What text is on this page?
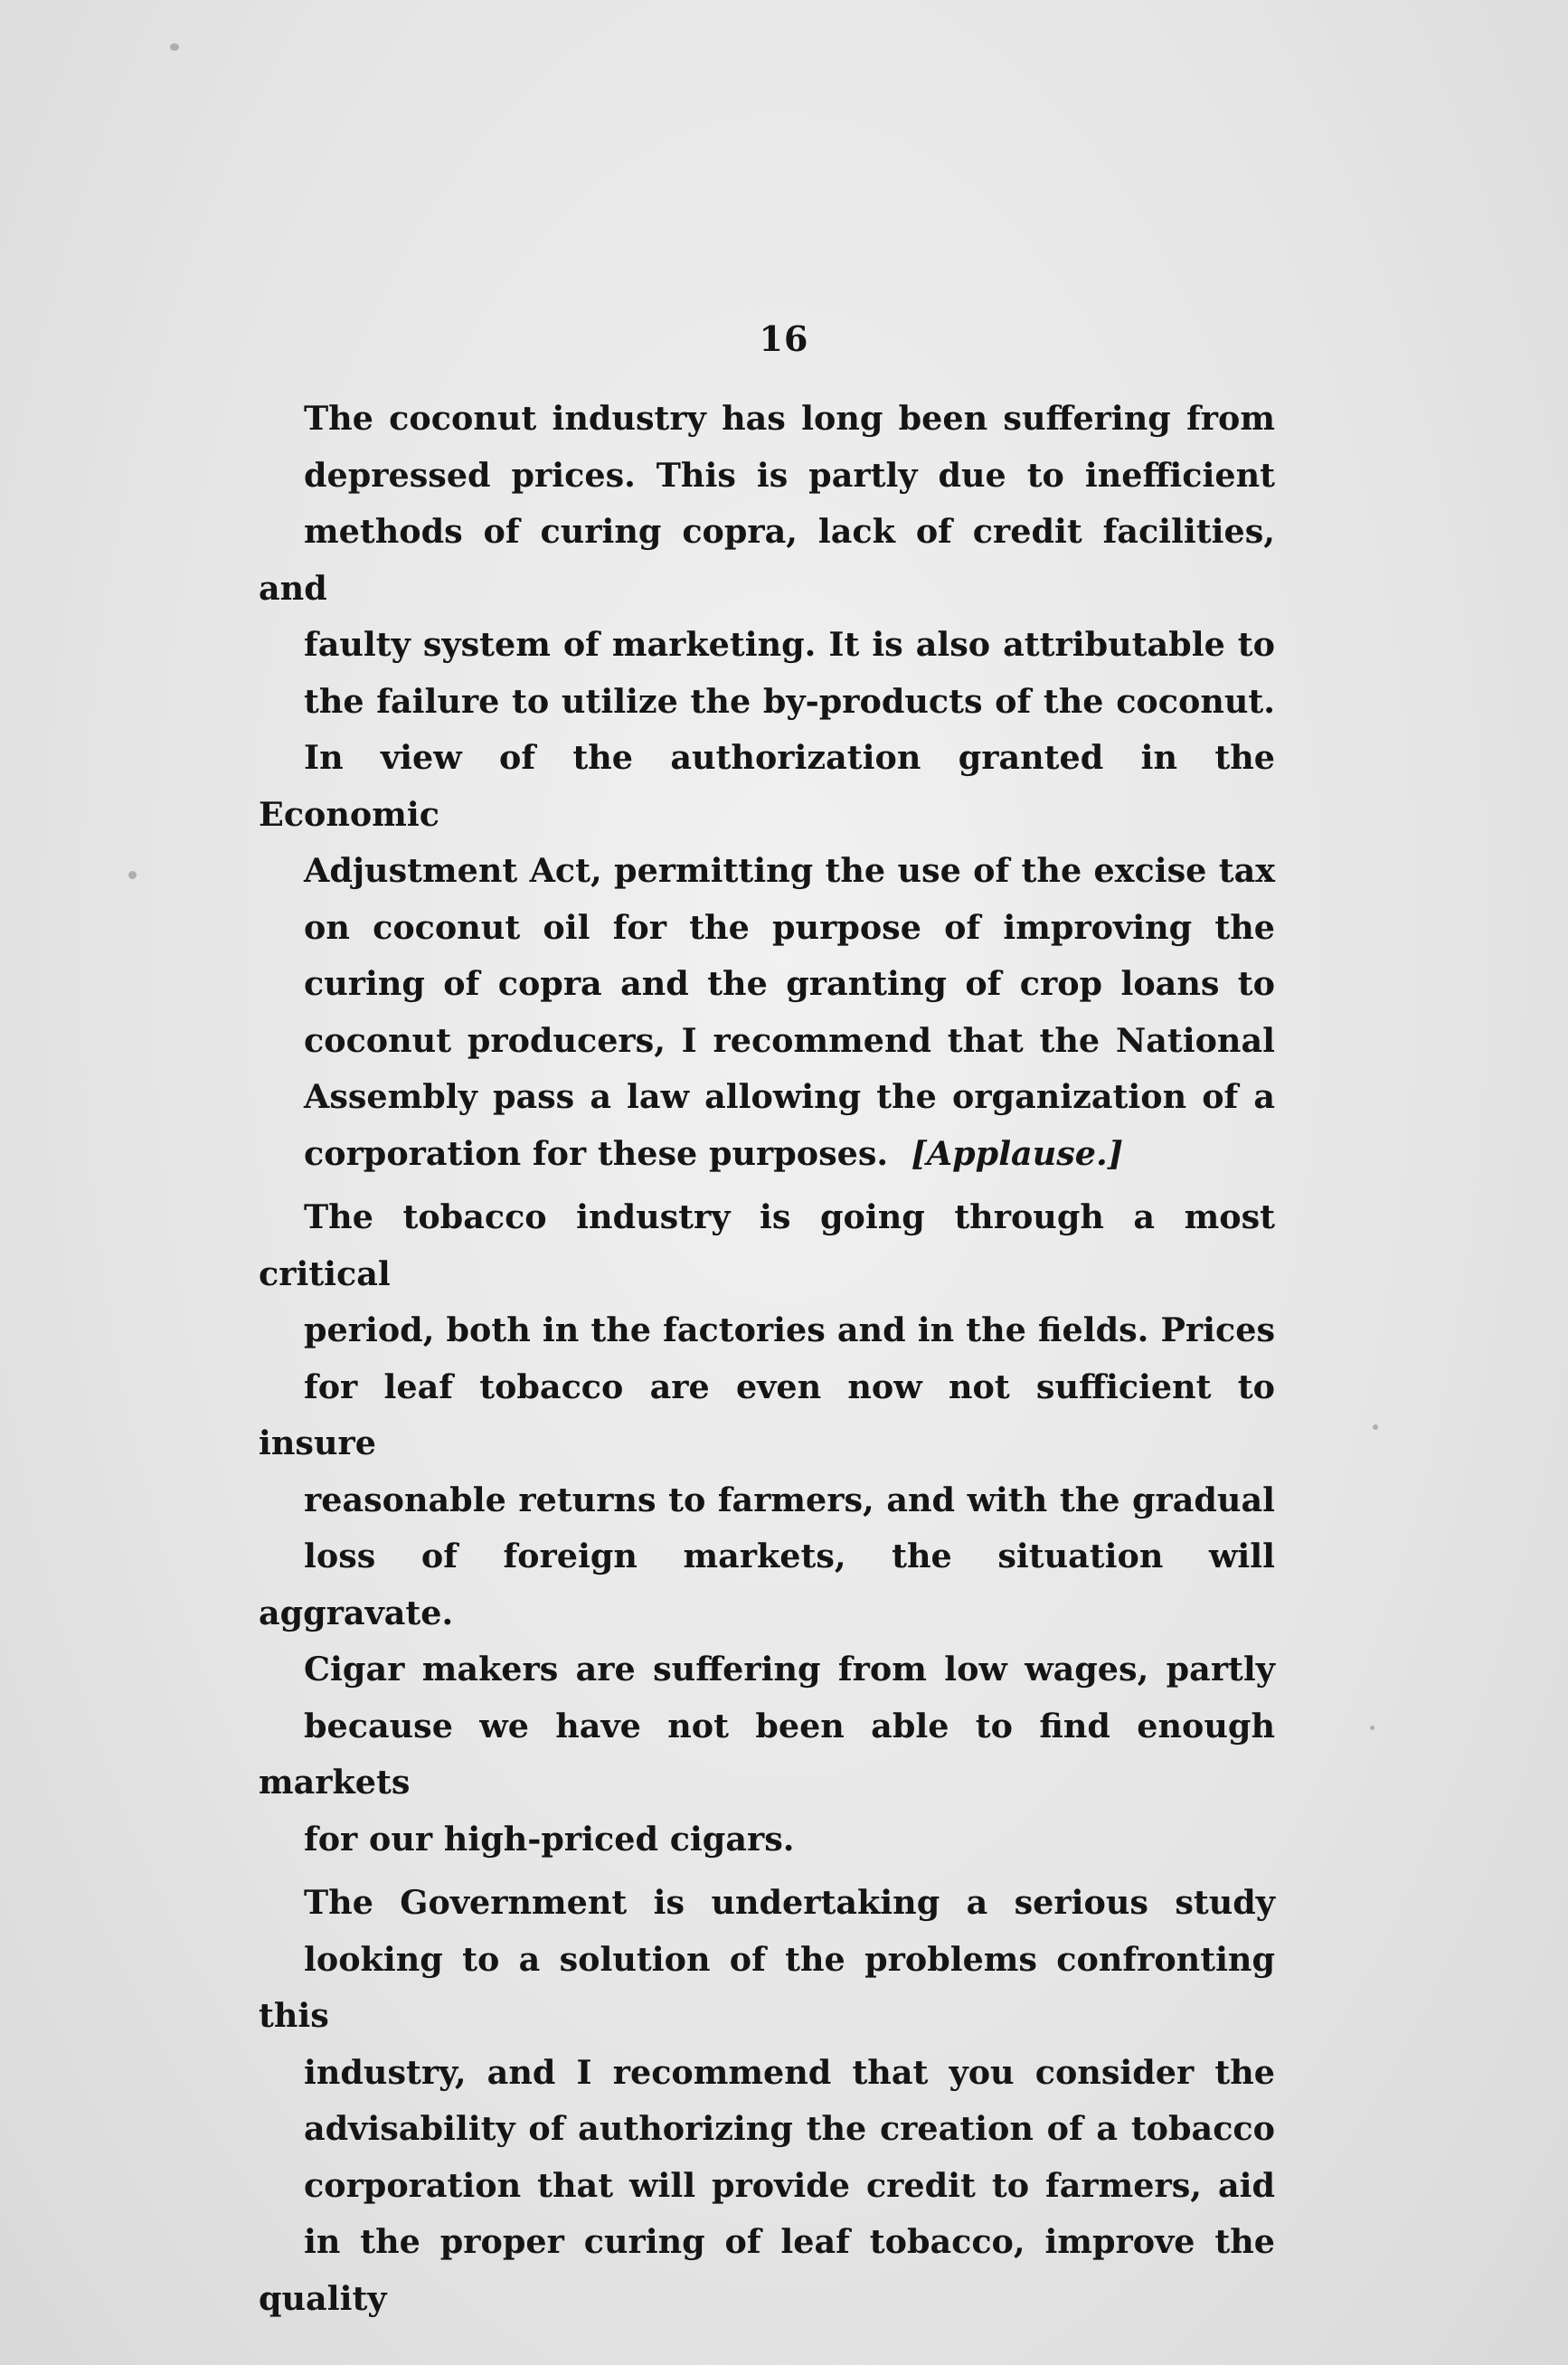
16

The coconut industry has long been suffering from
depressed prices. This is partly due to inefficient
methods of curing copra, lack of credit facilities, and
faulty system of marketing. It is also attributable to
the failure to utilize the by-products of the coconut.
In view of the authorization granted in the Economic
Adjustment Act, permitting the use of the excise tax
on coconut oil for the purpose of improving the
curing of copra and the granting of crop loans to
coconut producers, I recommend that the National
Assembly pass a law allowing the organization of a
corporation for these purposes. [Applause.]

The tobacco industry is going through a most critical
period, both in the factories and in the fields. Prices
for leaf tobacco are even now not sufficient to insure
reasonable returns to farmers, and with the gradual
loss of foreign markets, the situation will aggravate.
Cigar makers are suffering from low wages, partly
because we have not been able to find enough markets
for our high-priced cigars.

The Government is undertaking a serious study
looking to a solution of the problems confronting this
industry, and I recommend that you consider the
advisability of authorizing the creation of a tobacco
corporation that will provide credit to farmers, aid
in the proper curing of leaf tobacco, improve the quality
